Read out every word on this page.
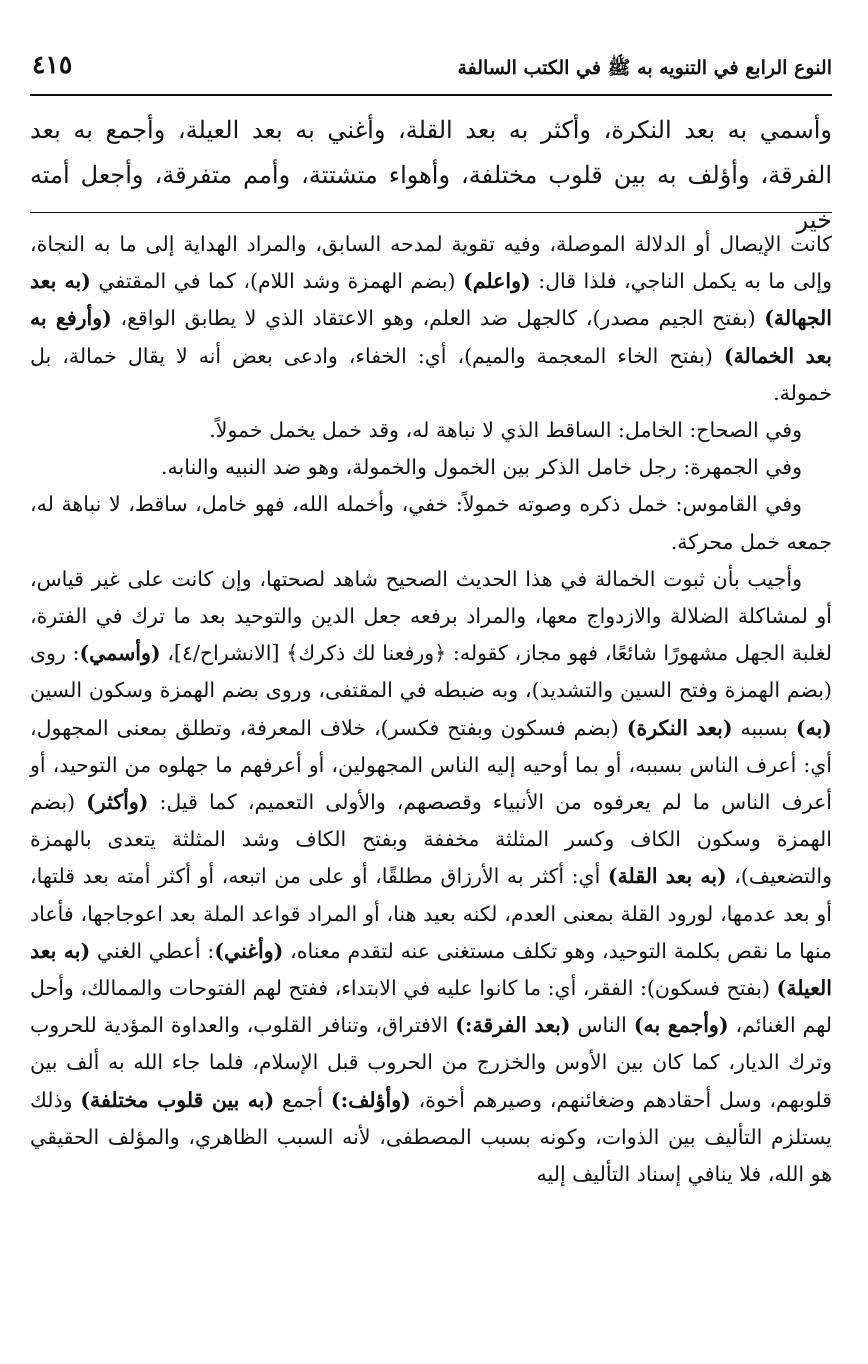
النوع الرابع في التنويه به ﷺ في الكتب السالفة
٤١٥
وأسمي به بعد النكرة، وأكثر به بعد القلة، وأغني به بعد العيلة، وأجمع به بعد الفرقة، وأؤلف به بين قلوب مختلفة، وأهواء متشتتة، وأمم متفرقة، وأجعل أمته خير

كانت الإيصال أو الدلالة الموصلة، وفيه تقوية لمدحه السابق، والمراد الهداية إلى ما به النجاة، وإلى ما به يكمل الناجي، فلذا قال: (واعلم) (بضم الهمزة وشد اللام)، كما في المقتفي (به بعد الجهالة) (بفتح الجيم مصدر)، كالجهل ضد العلم، وهو الاعتقاد الذي لا يطابق الواقع، (وأرفع به بعد الخمالة) (بفتح الخاء المعجمة والميم)، أي: الخفاء، وادعى بعض أنه لا يقال خمالة، بل خمولة.

وفي الصحاح: الخامل: الساقط الذي لا نباهة له، وقد خمل يخمل خمولاً.

وفي الجمهرة: رجل خامل الذكر بين الخمول والخمولة، وهو ضد النبيه والنابه.

وفي القاموس: خمل ذكره وصوته خمولاً: خفي، وأخمله الله، فهو خامل، ساقط، لا نباهة له، جمعه خمل محركة.

وأجيب بأن ثبوت الخمالة في هذا الحديث الصحيح شاهد لصحتها، وإن كانت على غير قياس، أو لمشاكلة الضلالة والازدواج معها، والمراد برفعه جعل الدين والتوحيد بعد ما ترك في الفترة، لغلبة الجهل مشهورًا شائعًا، فهو مجاز، كقوله: ﴿ورفعنا لك ذكرك﴾ [الانشراح/٤]، (وأسمي): روى (بضم الهمزة وفتح السين والتشديد)، وبه ضبطه في المقتفى، وروى بضم الهمزة وسكون السين (به) بسببه (بعد النكرة) (بضم فسكون وبفتح فكسر)، خلاف المعرفة، وتطلق بمعنى المجهول، أي: أعرف الناس بسببه، أو بما أوحيه إليه الناس المجهولين، أو أعرفهم ما جهلوه من التوحيد، أو أعرف الناس ما لم يعرفوه من الأنبياء وقصصهم، والأولى التعميم، كما قيل: (وأكثر) (بضم الهمزة وسكون الكاف وكسر المثلثة مخففة وبفتح الكاف وشد المثلثة يتعدى بالهمزة والتضعيف)، (به بعد القلة) أي: أكثر به الأرزاق مطلقًا، أو على من اتبعه، أو أكثر أمته بعد قلتها، أو بعد عدمها، لورود القلة بمعنى العدم، لكنه بعيد هنا، أو المراد قواعد الملة بعد اعوجاجها، فأعاد منها ما نقص بكلمة التوحيد، وهو تكلف مستغنى عنه لتقدم معناه، (وأغني): أعطي الغني (به بعد العيلة) (بفتح فسكون): الفقر، أي: ما كانوا عليه في الابتداء، ففتح لهم الفتوحات والممالك، وأحل لهم الغنائم، (وأجمع به) الناس (بعد الفرقة:) الافتراق، وتنافر القلوب، والعداوة المؤدية للحروب وترك الديار، كما كان بين الأوس والخزرج من الحروب قبل الإسلام، فلما جاء الله به ألف بين قلوبهم، وسل أحقادهم وضغائنهم، وصيرهم أخوة، (وأؤلف:) أجمع (به بين قلوب مختلفة) وذلك يستلزم التأليف بين الذوات، وكونه بسبب المصطفى، لأنه السبب الظاهري، والمؤلف الحقيقي هو الله، فلا ينافي إسناد التأليف إليه
